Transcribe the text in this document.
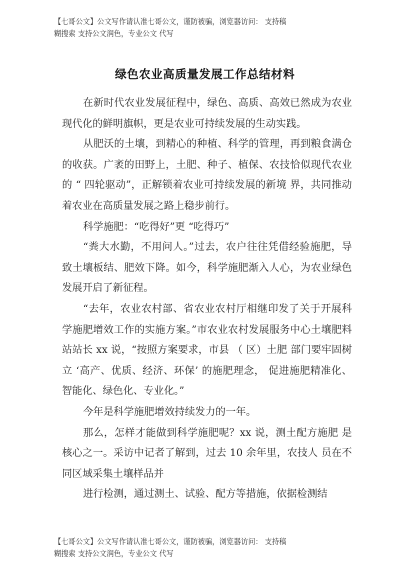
【七哥公文】公文写作请认准七哥公文，谨防被骗，浏览器访问： 支持稿
糊搜索 支持公文润色，专业公文 代写
绿色农业高质量发展工作总结材料

在新时代农业发展征程中，绿色、高质、高效已然成为农业现代化的鲜明旗帜，更是农业可持续发展的生动实践。

从肥沃的土壤，到精心的种植、科学的管理，再到粮食满仓的收获。广袤的田野上，土肥、种子、植保、农技恰似现代农业的 “ 四轮驱动”，正解锁着农业可持续发展的新境 界，共同推动着农业在高质量发展之路上稳步前行。

科学施肥：“吃得好”更 “吃得巧”

“粪大水勤，不用问人。”过去，农户往往凭借经验施肥，导致土壤板结、肥效下降。如今，科学施肥渐入人心，为农业绿色发展开启了新征程。

“去年，农业农村部、省农业农村厅相继印发了关于开展科学施肥增效工作的实施方案。”市农业农村发展服务中心土壤肥料站站长 xx 说，“按照方案要求，市县 （ 区）土肥 部门要牢固树立 ‘高产、优质、经济、环保’ 的施肥理念， 促进施肥精准化、智能化、绿色化、专业化。”

今年是科学施肥增效持续发力的一年。

那么，怎样才能做到科学施肥呢？xx 说，测土配方施肥 是核心之一。采访中记者了解到，过去 10 余年里，农技人 员在不同区域采集土壤样品并

进行检测，通过测土、试验、配方等措施，依据检测结

【七哥公文】公文写作请认准七哥公文，谨防被骗，浏览器访问： 支持稿
糊搜索 支持公文润色，专业公文 代写
